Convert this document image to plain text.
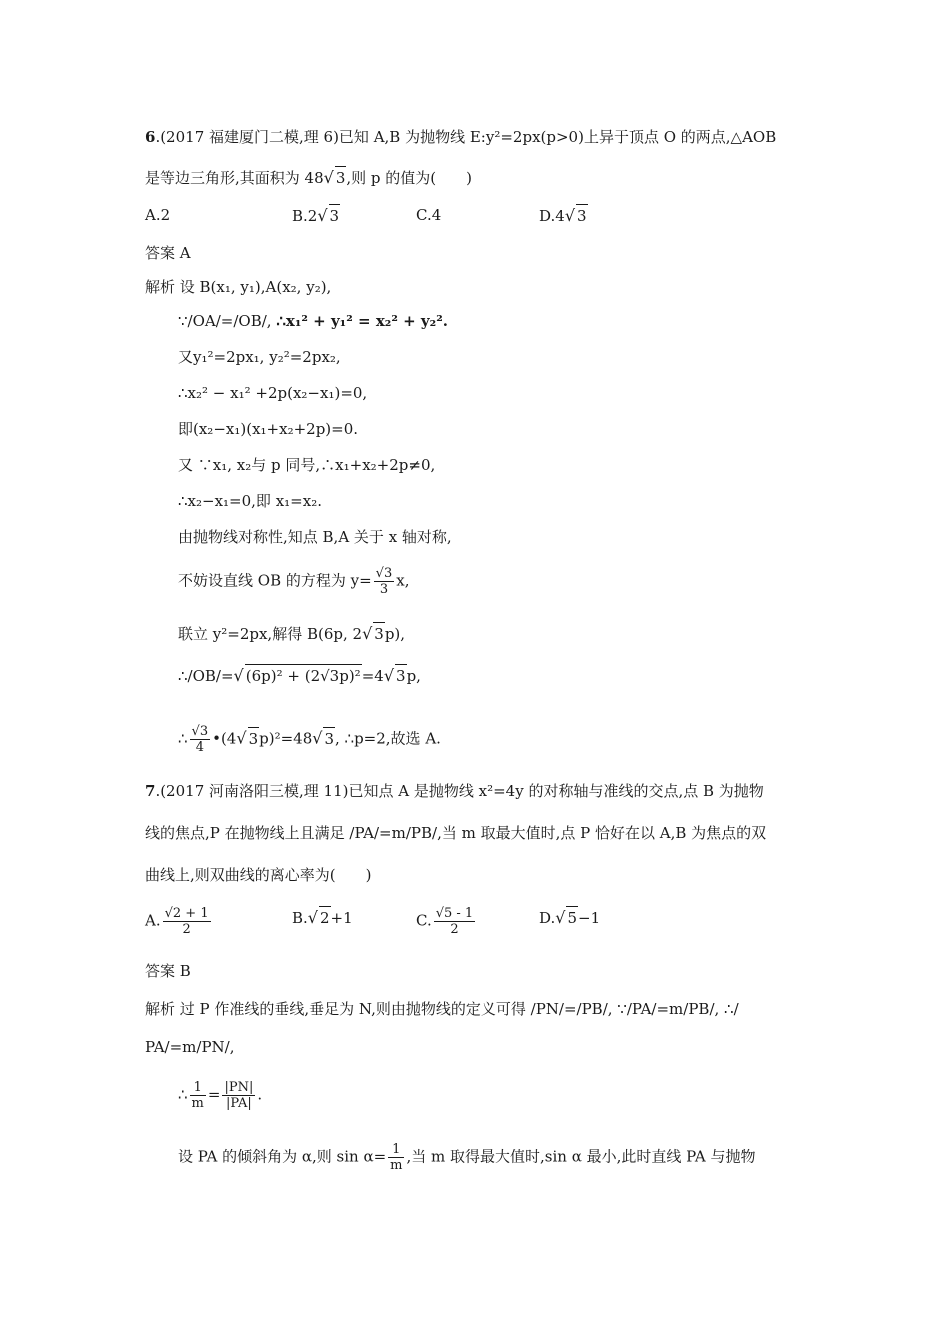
6.(2017 福建厦门二模,理 6)已知 A,B 为抛物线 E:y²=2px(p>0)上异于顶点 O 的两点,△AOB
是等边三角形,其面积为 48√ 3,则 p 的值为(　　)
A.2	B.2√ 3	C.4	D.4√ 3
答案 A
解析 设 B(x₁, y₁),A(x₂, y₂),
∵/OA/=/OB/, ∴x₁² + y₁² = x₂² + y₂².
又y₁²=2px₁, y₂²=2px₂,
∴x₂² − x₁² +2p(x₂−x₁)=0,
即(x₂−x₁)(x₁+x₂+2p)=0.
又 ∵x₁, x₂与 p 同号,∴x₁+x₂+2p≠0,
∴x₂−x₁=0,即 x₁=x₂.
由抛物线对称性,知点 B,A 关于 x 轴对称,
不妨设直线 OB 的方程为 $y= \frac{√3}{3} x$,
联立 y²=2px,解得 B(6p, 2√ 3p),
∴/OB/=√ (6p)² + (2√3p)²=4√ 3p,
∴ $\frac{√3}{4}$ •(4√ 3p)²=48√ 3, ∴p=2,故选 A.
7.(2017 河南洛阳三模,理 11)已知点 A 是抛物线 x²=4y 的对称轴与准线的交点,点 B 为抛物
线的焦点,P 在抛物线上且满足 /PA/=m/PB/,当 m 取最大值时,点 P 恰好在以 A,B 为焦点的双
曲线上,则双曲线的离心率为(　　)
A. $\frac{√2 + 1}{2}$	B.√ 2+1	C. $\frac{√5 - 1}{2}$	D.√ 5−1
答案 B
解析 过 P 作准线的垂线,垂足为 N,则由抛物线的定义可得 /PN/=/PB/, ∵/PA/=m/PB/, ∴/
PA/=m/PN/,
∴ $\frac{1}{m} = \frac{|PN|}{|PA|}$ .
设 PA 的倾斜角为 α,则 $\sin \alpha= \frac{1}{m}$ ,当 m 取得最大值时,sin α 最小,此时直线 PA 与抛物
